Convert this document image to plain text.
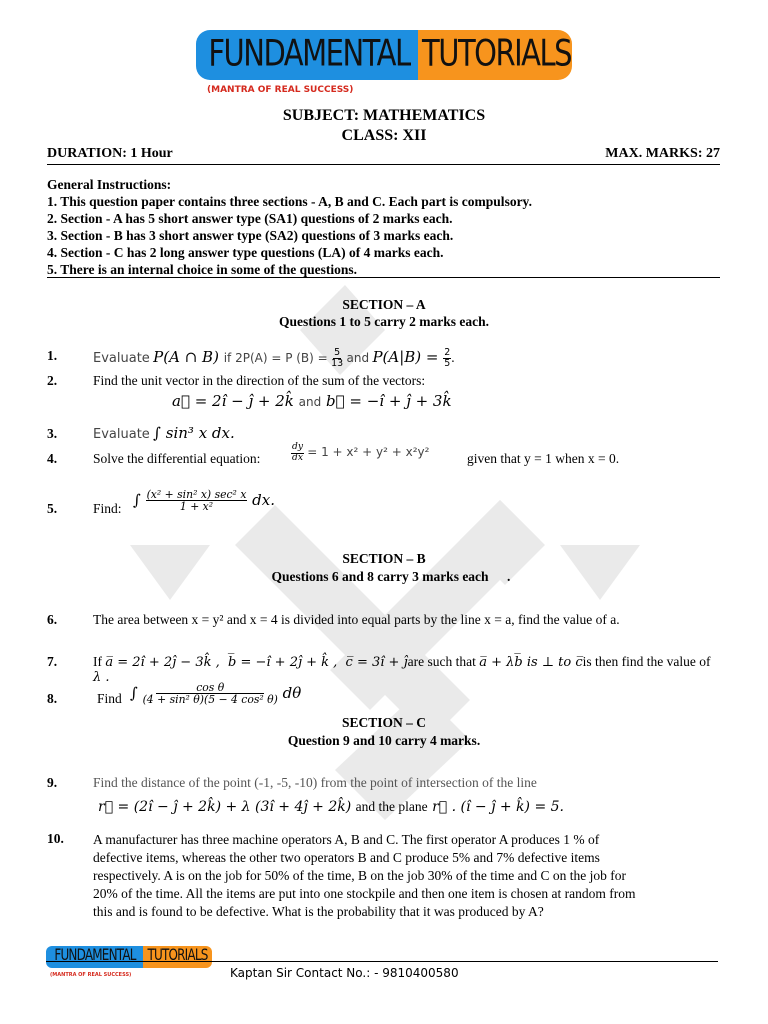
FUNDAMENTAL TUTORIALS
(MANTRA OF REAL SUCCESS)
SUBJECT: MATHEMATICS
CLASS: XII
DURATION: 1 Hour	MAX. MARKS: 27
General Instructions:
1. This question paper contains three sections - A, B and C. Each part is compulsory.
2. Section - A has 5 short answer type (SA1) questions of 2 marks each.
3. Section - B has 3 short answer type (SA2) questions of 3 marks each.
4. Section - C has 2 long answer type questions (LA) of 4 marks each.
5. There is an internal choice in some of the questions.
SECTION – A
Questions 1 to 5 carry 2 marks each.
1.	Evaluate P(A ∩ B) if 2P(A) = P $(B) = \frac{5}{13}$ and $P(A|B) = \frac{2}{5}$ .
2.	Find the unit vector in the direction of the sum of the vectors:
a⃗ = 2î − ĵ + 2k̂ and b⃗ = −î + ĵ + 3k̂
3.	Evaluate ∫ sin³ x dx.
4.	Solve the differential equation:	$\frac{dy}{dx} = 1 + x^2 + y^2 + x^2y^2$	given that y = 1 when x = 0.
5.	Find: ∫ $\frac{\text{(x² + sin² x) sec² x}}{\text{1 + x²}}$ dx.
SECTION – B
Questions 6 and 8 carry 3 marks each	.
6.	The area between x = y² and x = 4 is divided into equal parts by the line x = a, find the value of a.
7.	If a̅ = 2î + 2ĵ − 3k̂ ,  b̅ = −î + 2ĵ + k̂ ,  c̅ = 3î + ĵare such that a̅ + λb̅ is ⊥ to c̅is then find the value of
λ .
8.	Find ∫ $\frac{\text{cos θ}}{\text{(4 + sin² θ)(5 − 4 cos² θ)}}$ dθ
SECTION – C
Question 9 and 10 carry 4 marks.
9.	Find the distance of the point (-1, -5, -10) from the point of intersection of the line
r⃗ = (2î − ĵ + 2k̂) + λ (3î + 4ĵ + 2k̂) and the plane r⃗ . (î − ĵ + k̂) = 5.
10. A manufacturer has three machine operators A, B and C. The first operator A produces 1 % of
defective items, whereas the other two operators B and C produce 5% and 7% defective items
respectively. A is on the job for 50% of the time, B on the job 30% of the time and C on the job for
20% of the time. All the items are put into one stockpile and then one item is chosen at random from
this and is found to be defective. What is the probability that it was produced by A?
FUNDAMENTAL TUTORIALS
(MANTRA OF REAL SUCCESS)	Kaptan Sir Contact No.: - 9810400580
